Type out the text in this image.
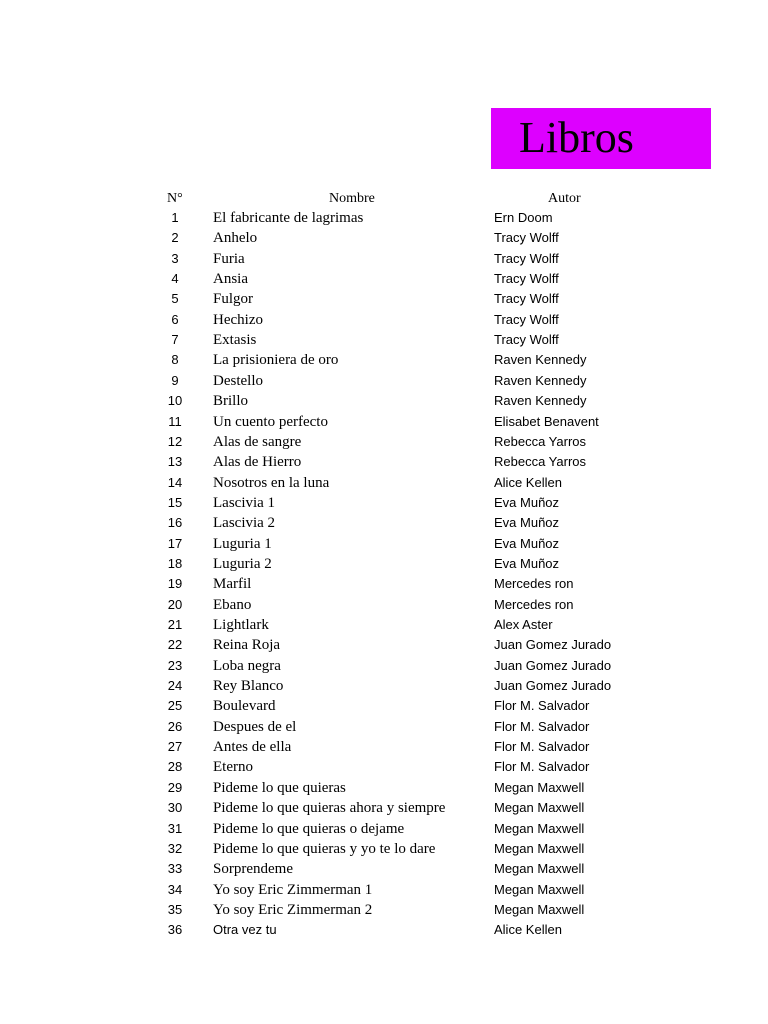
Libros
N°	Nombre	Autor
1	El fabricante de lagrimas	Ern Doom
2	Anhelo	Tracy Wolff
3	Furia	Tracy Wolff
4	Ansia	Tracy Wolff
5	Fulgor	Tracy Wolff
6	Hechizo	Tracy Wolff
7	Extasis	Tracy Wolff
8	La prisioniera de oro	Raven Kennedy
9	Destello	Raven Kennedy
10	Brillo	Raven Kennedy
11	Un cuento perfecto	Elisabet Benavent
12	Alas de sangre	Rebecca Yarros
13	Alas de Hierro	Rebecca Yarros
14	Nosotros en la luna	Alice Kellen
15	Lascivia 1	Eva Muñoz
16	Lascivia 2	Eva Muñoz
17	Luguria 1	Eva Muñoz
18	Luguria 2	Eva Muñoz
19	Marfil	Mercedes ron
20	Ebano	Mercedes ron
21	Lightlark	Alex Aster
22	Reina Roja	Juan Gomez Jurado
23	Loba negra	Juan Gomez Jurado
24	Rey Blanco	Juan Gomez Jurado
25	Boulevard	Flor M. Salvador
26	Despues de el	Flor M. Salvador
27	Antes de ella	Flor M. Salvador
28	Eterno	Flor M. Salvador
29	Pideme lo que quieras	Megan Maxwell
30	Pideme lo que quieras ahora y siempre	Megan Maxwell
31	Pideme lo que quieras o dejame	Megan Maxwell
32	Pideme lo que quieras y yo te lo dare	Megan Maxwell
33	Sorprendeme	Megan Maxwell
34	Yo soy Eric Zimmerman 1	Megan Maxwell
35	Yo soy Eric Zimmerman 2	Megan Maxwell
36	Otra vez tu	Alice Kellen
